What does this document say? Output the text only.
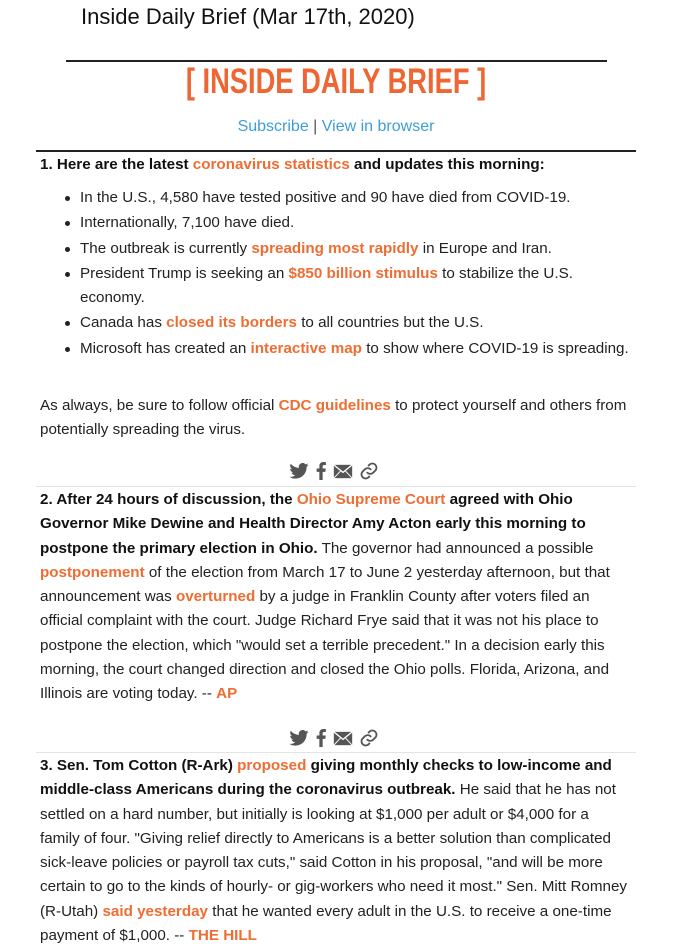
Inside Daily Brief (Mar 17th, 2020)
[ INSIDE DAILY BRIEF ]
Subscribe | View in browser
1. Here are the latest coronavirus statistics and updates this morning:
In the U.S., 4,580 have tested positive and 90 have died from COVID-19.
Internationally, 7,100 have died.
The outbreak is currently spreading most rapidly in Europe and Iran.
President Trump is seeking an $850 billion stimulus to stabilize the U.S. economy.
Canada has closed its borders to all countries but the U.S.
Microsoft has created an interactive map to show where COVID-19 is spreading.
As always, be sure to follow official CDC guidelines to protect yourself and others from potentially spreading the virus.
2. After 24 hours of discussion, the Ohio Supreme Court agreed with Ohio Governor Mike Dewine and Health Director Amy Acton early this morning to postpone the primary election in Ohio. The governor had announced a possible postponement of the election from March 17 to June 2 yesterday afternoon, but that announcement was overturned by a judge in Franklin County after voters filed an official complaint with the court. Judge Richard Frye said that it was not his place to postpone the election, which "would set a terrible precedent." In a decision early this morning, the court changed direction and closed the Ohio polls. Florida, Arizona, and Illinois are voting today. -- AP
3. Sen. Tom Cotton (R-Ark) proposed giving monthly checks to low-income and middle-class Americans during the coronavirus outbreak. He said that he has not settled on a hard number, but initially is looking at $1,000 per adult or $4,000 for a family of four. "Giving relief directly to Americans is a better solution than complicated sick-leave policies or payroll tax cuts," said Cotton in his proposal, "and will be more certain to go to the kinds of hourly- or gig-workers who need it most." Sen. Mitt Romney (R-Utah) said yesterday that he wanted every adult in the U.S. to receive a one-time payment of $1,000. -- THE HILL
